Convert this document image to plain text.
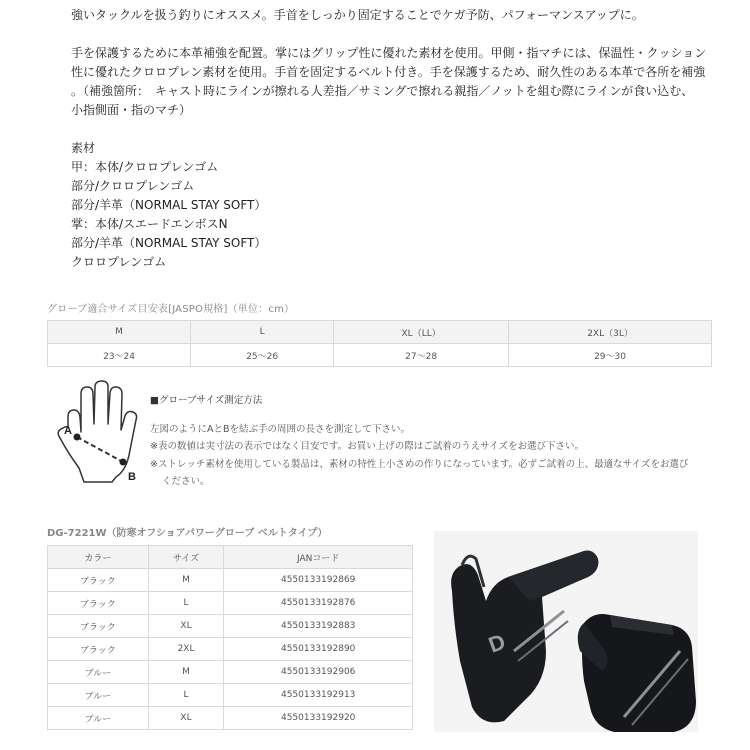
強いタックルを扱う釣りにオススメ。手首をしっかり固定することでケガ予防、パフォーマンスアップに。

手を保護するために本革補強を配置。掌にはグリップ性に優れた素材を使用。甲側・指マチには、保温性・クッション

性に優れたクロロプレン素材を使用。手首を固定するベルト付き。手を保護するため、耐久性のある本革で各所を補強

。（補強箇所：　キャスト時にラインが擦れる人差指／サミングで擦れる親指／ノットを組む際にラインが食い込む、

小指側面・指のマチ）

素材

甲：本体/クロロプレンゴム

部分/クロロプレンゴム

部分/羊革（NORMAL STAY SOFT）

掌：本体/スエードエンボスN

部分/羊革（NORMAL STAY SOFT）

クロロプレンゴム

グローブ適合サイズ目安表[JASPO規格]（単位：cm）
M	L	XL（LL）	2XL（3L）
23〜24	25〜26	27〜28	29〜30
A
B
■グローブサイズ測定方法

左図のようにAとBを結ぶ手の周囲の長さを測定して下さい。

※表の数値は実寸法の表示ではなく目安です。お買い上げの際はご試着のうえサイズをお選び下さい。

※ストレッチ素材を使用している製品は、素材の特性上小さめの作りになっています。必ずご試着の上、最適なサイズをお選び

ください。

DG-7221W（防寒オフショアパワーグローブ ベルトタイプ）
カラー	サイズ	JANコード
ブラック	M	4550133192869
ブラック	L	4550133192876
ブラック	XL	4550133192883
ブラック	2XL	4550133192890
ブルー	M	4550133192906
ブルー	L	4550133192913
ブルー	XL	4550133192920
D
